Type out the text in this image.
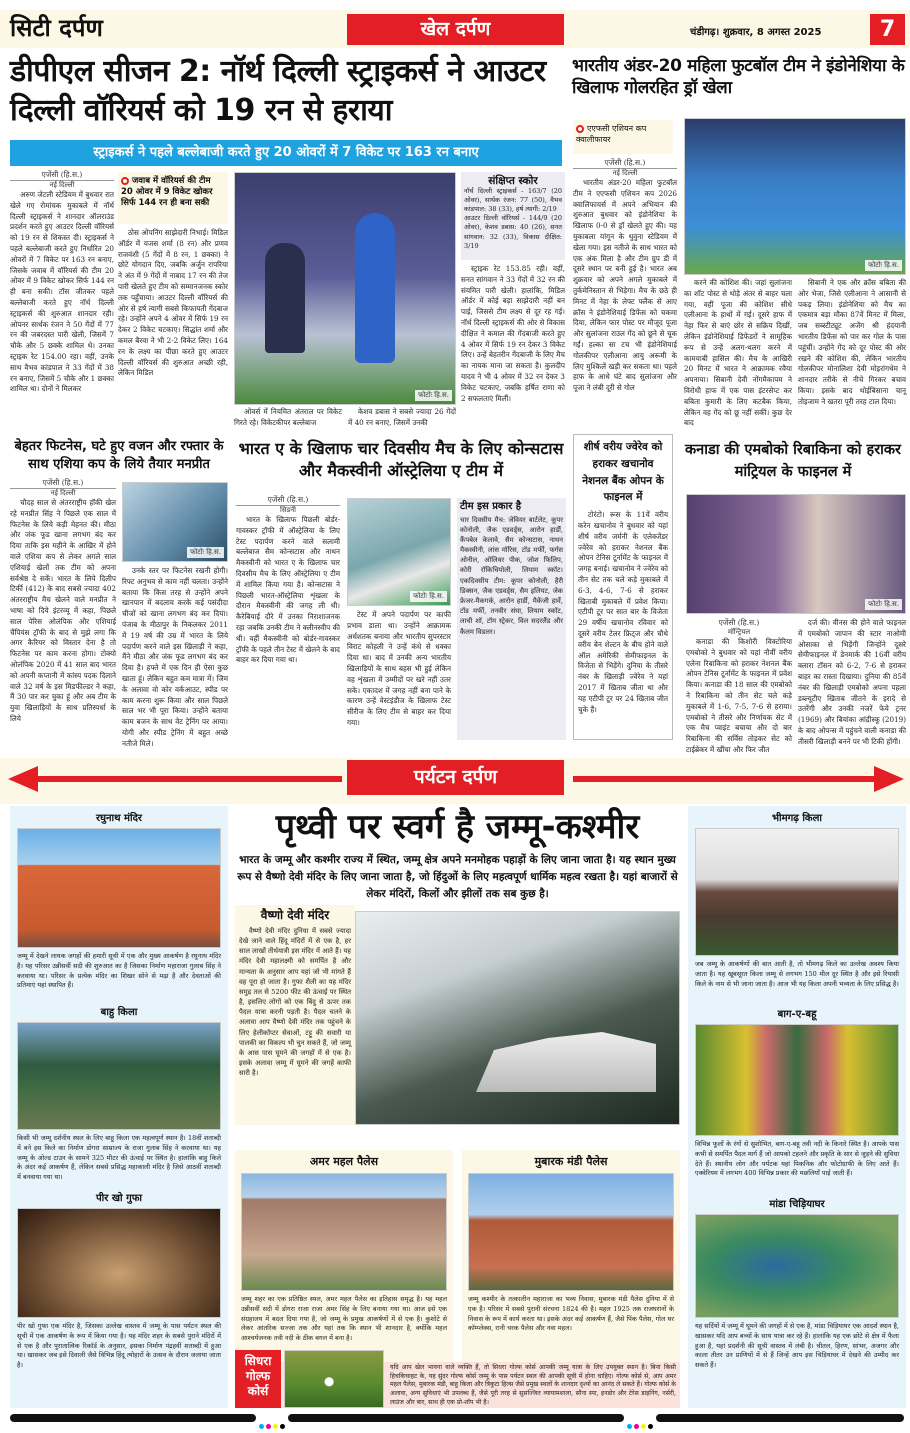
सिटी दर्पण	खेल दर्पण	चंडीगढ़। शुक्रवार, 8 अगस्त 2025	7
डीपीएल सीजन 2: नॉर्थ दिल्ली स्ट्राइकर्स ने आउटर दिल्ली वॉरियर्स को 19 रन से हराया
स्ट्राइकर्स ने पहले बल्लेबाजी करते हुए 20 ओवरों में 7 विकेट पर 163 रन बनाए
एजेंसी (हि.स.)
नई दिल्ली

अरुण जेटली स्टेडियम में बुधवार रात खेले गए रोमांचक मुकाबले में नॉर्थ दिल्ली स्ट्राइकर्स ने शानदार ऑलराउंड प्रदर्शन करते हुए आउटर दिल्ली वॉरियर्स को 19 रन से शिकस्त दी। स्ट्राइकर्स ने पहले बल्लेबाजी करते हुए निर्धारित 20 ओवरों में 7 विकेट पर 163 रन बनाए, जिसके जवाब में वॉरियर्स की टीम 20 ओवर में 9 विकेट खोकर सिर्फ 144 रन ही बना सकी। टॉस जीतकर पहले बल्लेबाजी करते हुए नॉर्थ दिल्ली स्ट्राइकर्स की शुरुआत शानदार रही। ओपनर सार्थक रंजन ने 50 गेंदों में 77 रन की जबरदस्त पारी खेली, जिसमें 7 चौके और 5 छक्के शामिल थे। उनका स्ट्राइक रेट 154.00 रहा। वहीं, उनके साथ वैभव कांडपाल ने 33 गेंदों में 38 रन बनाए, जिसमें 5 चौके और 1 छक्का शामिल था। दोनों ने मिलकर

जवाब में वॉरियर्स की टीम 20 ओवर में 9 विकेट खोकर सिर्फ 144 रन ही बना सकी

ठोस ओपनिंग साझेदारी निभाई। मिडिल ऑर्डर में यजस शर्मा (8 रन) और प्रणव राजवंशी (5 गेंदों में 8 रन, 1 छक्का) ने छोटे योगदान दिए, जबकि अर्जुन रापरिया ने अंत में 9 गेंदों में नाबाद 17 रन की तेज पारी खेलते हुए टीम को सम्मानजनक स्कोर तक पहुँचाया। आउटर दिल्ली वॉरियर्स की ओर से हर्ष त्यागी सबसे किफायती गेंदबाज रहे। उन्होंने अपने 4 ओवर में सिर्फ 19 रन देकर 2 विकेट चटकाए। सिद्धांत शर्मा और कमल बैरवा ने भी 2-2 विकेट लिए। 164 रन के लक्ष्य का पीछा करते हुए आउटर दिल्ली वॉरियर्स की शुरुआत अच्छी रही, लेकिन मिडिल

फोटोः हि.स.

ओवर्स में नियमित अंतराल पर विकेट गिरते रहे। विकेटकीपर बल्लेबाज

केशव डबास ने सबसे ज्यादा 26 गेंदों में 40 रन बनाए, जिसमें उनकी

संक्षिप्त स्कोर
नॉर्थ दिल्ली स्ट्राइकर्स - 163/7 (20 ओवर), सार्थक रंजन: 77 (50), वैभव कांडपाल: 38 (33), हर्ष त्यागी: 2/19
आउटर दिल्ली वॉरियर्स - 144/9 (20 ओवर), केशव डबास: 40 (26), सनत सांगवान: 32 (33), विकास दीक्षित: 3/19

स्ट्राइक रेट 153.85 रही। वहीं, सनत सांगवान ने 33 गेंदों में 32 रन की संयमित पारी खेली। हालांकि, मिडिल ऑर्डर में कोई बड़ा साझेदारी नहीं बन पाई, जिससे टीम लक्ष्य से दूर रह गई। नॉर्थ दिल्ली स्ट्राइकर्स की ओर से विकास दीक्षित ने कमाल की गेंदबाजी करते हुए 4 ओवर में सिर्फ 19 रन देकर 3 विकेट लिए। उन्हें बेहतरीन गेंदबाजी के लिए मैच का नायक माना जा सकता है। कुलदीप यादव ने भी 4 ओवर में 32 रन देकर 3 विकेट चटकाए, जबकि हर्षित राणा को 2 सफलताएं मिलीं।

भारतीय अंडर-20 महिला फुटबॉल टीम ने इंडोनेशिया के खिलाफ गोलरहित ड्रॉ खेला
एएफसी एशियन कप क्वालीफायर
एजेंसी (हि.स.)
नई दिल्ली

भारतीय अंडर-20 महिला फुटबॉल टीम ने एएफसी एशियन कप 2026 क्वालिफायर्स में अपने अभियान की शुरुआत बुधवार को इंडोनेशिया के खिलाफ 0-0 से ड्रॉ खेलते हुए की। यह मुकाबला यांगून के थुवुना स्टेडियम में खेला गया। इस नतीजे के साथ भारत को एक अंक मिला है और टीम ग्रुप डी में दूसरे स्थान पर बनी हुई है। भारत अब शुक्रवार को अपने अगले मुकाबले में तुर्कमेनिस्तान से भिड़ेगा। मैच के छठे ही मिनट में नेहा के लेफ्ट फ्लैंक से आए क्रॉस ने इंडोनेशियाई डिफेंस को चकमा दिया, लेकिन फार पोस्ट पर मौजूद पूजा और सुलांजना राउल गेंद को छूने से चूक गईं। हल्का सा टच भी इंडोनेशियाई गोलकीपर एलीआना आयु अरूमी के लिए मुश्किलें खड़ी कर सकता था। पहले हाफ के आधे घंटे बाद सुलांजना और पूजा ने लंबी दूरी से गोल

फोटोः हि.स.

करने की कोशिश की। जहां सुलांजना का शॉट पोस्ट से थोड़े अंतर से बाहर चला गया, वहीं पूजा की कोशिश सीधे एलीआना के हाथों में गई। दूसरे हाफ में नेहा फिर से बाएं छोर से सक्रिय दिखीं, लेकिन इंडोनेशियाई डिफेंडरों ने सामूहिक रूप से उन्हें अलग-थलग करने में कामयाबी हासिल की। मैच के आखिरी 20 मिनट में भारत ने आक्रामक रवैया अपनाया। सिबानी देवी नोंगमैकापम ने विरोधी हाफ में एक पास इंटरसेप्ट कर बबिता कुमारी के लिए कटबैक किया, लेकिन वह गेंद को छू नहीं सकीं। कुछ देर बाद

सिबानी ने एक और क्रॉस बबिता की ओर भेजा, जिसे एलीआना ने आसानी से पकड़ लिया। इंडोनेशिया को मैच का एकमात्र बड़ा मौका 87वें मिनट में मिला, जब सब्स्टीट्यूट अजेंग श्री हंदयानी भारतीय डिफेंस को पार कर गोल के पास पहुंचीं। उन्होंने गेंद को दूर पोस्ट की ओर रखने की कोशिश की, लेकिन भारतीय गोलकीपर मोनालिशा देवी मोइरांगथेम ने शानदार तरीके से नीचे गिरकर बचाव किया। इसके बाद थोईबिसाना चानू तोइजाम ने खतरा पूरी तरह टाल दिया।

बेहतर फिटनेस, घटे हुए वजन और रफ्तार के साथ एशिया कप के लिये तैयार मनप्रीत
एजेंसी (हि.स.)
नई दिल्ली

चौदह साल से अंतरराष्ट्रीय हॉकी खेल रहे मनप्रीत सिंह ने पिछले एक साल में फिटनेस के लिये कड़ी मेहनत की। मीठा और जंक फूड खाना लगभग बंद कर दिया ताकि इस महीने के आखिर में होने वाले एशिया कप से लेकर अगले साल एशियाई खेलों तक टीम को अपना सर्वश्रेष्ठ दे सकें। भारत के लिये दिलीप टिर्की (412) के बाद सबसे ज्यादा 402 अंतरराष्ट्रीय मैच खेलने वाले मनप्रीत ने भाषा को दिये इंटरव्यू में कहा, पिछले साल पेरिस ओलंपिक और एशियाई चैंपियंस ट्रॉफी के बाद से मुझे लगा कि अगर कैरियर को विस्तार देना है तो फिटनेस पर काम करना होगा। टोक्यो ओलंपिक 2020 में 41 साल बाद भारत को अपनी कप्तानी में कांस्य पदक दिलाने वाले 32 वर्ष के इस मिडफील्डर ने कहा, मैं 30 पार कर चुका हूं और अब टीम के युवा खिलाड़ियों के साथ प्रतिस्पर्धा के लिये

फोटोः हि.स.

उनके स्तर पर फिटनेस रखनी होगी। रिफ्ट अनुभव से काम नहीं चलता। उन्होंने बताया कि किस तरह से उन्होंने अपने खानपान में बदलाव करके कई पसंदीदा चीजों को खाना लगभग बंद कर दिया। पंजाब के मीठापुर के निकलकर 2011 में 19 वर्ष की उम्र में भारत के लिये पदार्पण करने वाले इस खिलाड़ी ने कहा, मैंने मीठा और जंक फूड लगभग बंद कर दिया है। हफ्ते में एक दिन ही ऐसा कुछ खाता हूं। लेकिन बहुत कम मात्रा में। जिम के अलावा वो कोर वर्कआउट, स्पीड पर काम करना शुरू किया और साल पिछले साल भर भी पूरा किया। उन्होंने बताया काम बजन के साथ वेट ट्रेनिंग पर आया। योगी और स्पीड ट्रेनिंग में बहुत अच्छे नतीजे मिले।

भारत ए के खिलाफ चार दिवसीय मैच के लिए कोन्सटास और मैकस्वीनी ऑस्ट्रेलिया ए टीम में
एजेंसी (हि.स.)
सिडनी

भारत के खिलाफ पिछली बोर्डर-गावस्कर ट्रॉफी में ऑस्ट्रेलिया के लिए टेस्ट पदार्पण करने वाले सलामी बल्लेबाज सैम कोन्सटास और नाथन मैकस्वीनी को भारत ए के खिलाफ चार दिवसीय मैच के लिए ऑस्ट्रेलिया ए टीम में शामिल किया गया है। कोन्सटास ने पिछली भारत-ऑस्ट्रेलिया शृंखला के दौरान मैकस्वीनी की जगह ली थी। कैरेबियाई दौरे में उनका निराशाजनक रहा जबकि उनकी टीम ने क्लीनस्वीप की थी। वहीं मैकस्वीनी को बोर्डर-गावस्कर ट्रॉफी के पहले तीन टेस्ट में खेलने के बाद बाहर कर दिया गया था।

फोटोः हि.स.

टेस्ट में अपने पदार्पण पर काफी प्रभाव डाला था। उन्होंने आक्रामक अर्धशतक बनाया और भारतीय सुपरस्टार विराट कोहली ने उन्हें कंधे से धक्का दिया था। बाद में उनकी अन्य भारतीय खिलाड़ियों के साथ बहस भी हुई लेकिन वह शृंखला में उम्मीदों पर खरे नहीं उतर सके। एकादश में जगह नहीं बना पाने के कारण उन्हें वेस्टइंडीज के खिलाफ टेस्ट सीरीज के लिए टीम से बाहर कर दिया गया।

टीम इस प्रकार है
चार दिवसीय मैच: जेवियर बार्टलेट, कूपर कोनोली, जैक एडवर्ड्स, आरोन हार्डी, कैंपबेल केलावे, सैम कोन्सटास, नाथन मैकस्वीनी, लांस मॉरिस, टॉड मर्फी, फर्गस ओनील, ओलिवर पीक, जोश फिलिप, कोरी रॉकिचियोली, लियाम स्कॉट। एकदिवसीय टीम: कूपर कोनोली, हैरी डिक्सन, जैक एडवर्ड्स, सैम इलियट, जेक फ्रेजर-मैकगर्क, आरोन हार्डी, मैकेंजी हार्वे, टॉड मर्फी, तनवीर संघा, लियाम स्कॉट, लाची शॉ, टॉम स्ट्रेकर, विल सदरलैंड और कैलम विडलर।
शीर्ष वरीय ज्वेरेव को हराकर खचानोव नेशनल बैंक ओपन के फाइनल में

टोरंटो। रूस के 11वें वरीय करेन खचानोव ने बुधवार को यहां शीर्ष वरीय जर्मनी के एलेक्जेंडर ज्वेरेव को हराकर नेशनल बैंक ओपन टेनिस टूर्नामेंट के फाइनल में जगह बनाई। खचानोव ने ज्वेरेव को तीन सेट तक चले कड़े मुकाबले में 6-3, 4-6, 7-6 से हराकर खिताबी मुकाबले में प्रवेश किया। एटीपी टूर पर सात बार के विजेता 29 वर्षीय खचानोव रविवार को दूसरे वरीय टेलर फ्रिट्ज और चौथे वरीय बेन शेल्टन के बीच होने वाले ऑल अमेरिकी सेमीफाइनल के विजेता से भिड़ेंगे। दुनिया के तीसरे नंबर के खिलाड़ी ज्वेरेव ने यहां 2017 में खिताब जीता था और यह एटीपी टूर पर 24 खिताब जीत चुके हैं।

कनाडा की एमबोको रिबाकिना को हराकर मांट्रियल के फाइनल में
फोटोः हि.स.
एजेंसी (हि.स.)
मॉन्ट्रियल

कनाडा की किशोरी विक्टोरिया एमबोको ने बुधवार को यहां नौवीं वरीय एलेना रिबाकिना को हराकर नेशनल बैंक ओपन टेनिस टूर्नामेंट के फाइनल में प्रवेश किया। कनाडा की 18 साल की एमबोको ने रिबाकिना को तीन सेट चले कड़े मुकाबले में 1-6, 7-5, 7-6 से हराया। एमबोको ने तीसरे और निर्णायक सेट में एक मैच प्वाइंट बचाया और दो बार रिबाकिना की सर्विस तोड़कर सेट को टाईब्रेकर में खींचा और फिर जीत

दर्ज की। वीनस की होने वाले फाइनल में एमबोको जापान की स्टार नाओमी ओसाका से भिड़ेंगी जिन्होंने दूसरे सेमीफाइनल में डेनमार्क की 16वीं वरीय क्लारा टॉसन को 6-2, 7-6 से हराकर बाहर का रास्ता दिखाया। दुनिया की 85वें नंबर की खिलाड़ी एमबोको अपना पहला डब्ल्यूटीए खिताब जीतने के इरादे से उतरेंगी और उनकी नजरें फेये ट्रनर (1969) और बियांका आंद्रीस्कू (2019) के बाद ओपन्स में पहुंचने वाली कनाडा की तीसरी खिलाड़ी बनने पर भी टिकी होंगी।

पर्यटन दर्पण
रघुनाथ मंदिर
जम्मू में देखने लायक जगहों की हमारी सूची में एक और मुख्य आकर्षण है रघुनाथ मंदिर है। यह परिसर उन्नीसवीं सदी की शुरुआत का है जिसका निर्माण महाराजा गुलाब सिंह ने करवाया था। परिसर के प्रत्येक मंदिर का शिखर सोने से मढ़ा है और देवताओं की प्रतिमाएं यहां स्थापित हैं।
बाहु किला
किसी भी जम्मू दर्शनीय स्थल के लिए बाहु किला एक महत्वपूर्ण स्थान है। 18वीं शताब्दी में बने इस किले का निर्माण डोगरा साम्राज्य के राजा गुलाब सिंह ने करवाया था। यह जम्मू के ओल्ड टाउन के सामने 325 मीटर की ऊंचाई पर स्थित है। हालांकि बाहु किले के अंदर कई आकर्षण हैं, लेकिन सबसे प्रसिद्ध महाकाली मंदिर है जिसे आठवीं शताब्दी में बनवाया गया था।
पीर खो गुफा
पीर खो गुफा एक मंदिर है, जिसका उल्लेख वास्तव में जम्मू के पास पर्यटन स्थल की सूची में एक आकर्षण के रूप में किया गया है। यह मंदिर शहर के सबसे पुराने मंदिरों में से एक है और पुरातात्विक रिकॉर्ड के अनुसार, इसका निर्माण पंद्रहवीं शताब्दी में हुआ था। खासकर जब इसे दिवाली जैसे विभिन्न हिंदू त्योहारों के उत्सव के दौरान जलाया जाता है।
पृथ्वी पर स्वर्ग है जम्मू-कश्मीर
भारत के जम्मू और कश्मीर राज्य में स्थित, जम्मू क्षेत्र अपने मनमोहक पहाड़ों के लिए जाना जाता है। यह स्थान मुख्य रूप से वैष्णो देवी मंदिर के लिए जाना जाता है, जो हिंदुओं के लिए महत्वपूर्ण धार्मिक महत्व रखता है। यहां बाजारों से लेकर मंदिरों, किलों और झीलों तक सब कुछ है।
वैष्णो देवी मंदिर

वैष्णो देवी मंदिर दुनिया में सबसे ज्यादा देखे जाने वाले हिंदू मंदिरों में से एक है, हर साल लाखों तीर्थयात्री इस मंदिर में आते हैं। यह मंदिर देवी महालक्ष्मी को समर्पित है और मान्यता के अनुसार आप यहां जो भी मांगते हैं वह पूरा हो जाता है। गुफा शैली का यह मंदिर समुद्र तल से 5200 फीट की ऊंचाई पर स्थित है, इसलिए लोगों को एक बिंदु से ऊपर तक पैदल यात्रा करनी पड़ती है। पैदल चलने के अलावा आप वैष्णो देवी मंदिर तक पहुंचने के लिए हेलीकॉप्टर सेवाओं, टट्टू की सवारी या पालकी का विकल्प भी चुन सकते हैं, जो जम्मू के आस पास घूमने की जगहों में से एक है। इसके अलावा जम्मू में घूमने की जगहें काफी सारी है।

अमर महल पैलेस
जम्मू शहर का एक प्रतिष्ठित स्थल, अमर महल पैलेस का इतिहास समृद्ध है। यह महल उन्नीसवीं सदी में डोगरा राजा राजा अमर सिंह के लिए बनाया गया था। आज इसे एक संग्रहालय में बदल दिया गया है, जो जम्मू के प्रमुख आकर्षणों में से एक है। कुशोटे से लेकर आंतरिक सज्जा तक और यहां तक कि स्थान भी शानदार है, क्योंकि महल आश्चर्यजनक तवी नदी के ठीक बगल में बना है।
मुबारक मंडी पैलेस
जम्मू कश्मीर के तत्कालीन महाराजा का भव्य निवास, मुबारक मंडी पैलेस दुनिया में से एक है। परिसर में सबसे पुरानी संरचना 1824 की है। महल 1925 तक राजघरानों के निवास के रूप में कार्य करता था। इसके अंदर कई आकर्षण हैं, जैसे पिंक पैलेस, गोल घर कॉम्प्लेक्स, रानी चरक पैलेस और नवा महल।
सिधरा गोल्फ कोर्स
यदि आप खेल भावना वाले व्यक्ति हैं, तो सिधरा गोल्फ कोर्स आपकी जम्मू यात्रा के लिए उपयुक्त स्थान है। बिना किसी हिचकिचाहट के, यह सुंदर गोल्फ कोर्स जम्मू के पास पर्यटन स्थल की आपकी सूची में होना चाहिए। गोल्फ कोर्स से, आप अमर महल पैलेस, मुबारक मंडी, बाहु किला और त्रिकुटा हिल्स जैसे प्रमुख स्थलों के शानदार दृश्यों का आनंद ले सकते हैं। गोल्फ कोर्स के अलावा, अन्य सुविधाएं भी उपलब्ध हैं, जैसे पूरी तरह से सुसज्जित व्यायामशाला, सौना स्पा, इनडोर और टेरेस डाइनिंग, नर्सरी, लाउंज और बार, साथ ही एक प्रो-शॉप भी है।
भीमगढ़ किला
जब जम्मू के आकर्षणों की बात आती है, तो भीमगढ़ किले का उल्लेख अवश्य किया जाता है। यह खूबसूरत किला जम्मू से लगभग 150 मील दूर स्थित है और इसे रियासी किले के नाम से भी जाना जाता है। आज भी यह किला अपनी भव्यता के लिए प्रसिद्ध है।
बाग-ए-बहू
विभिन्न फूलों के रंगों से सुशोभित, बाग-ए-बहू तवी नदी के किनारे स्थित है। आपके पास कभी से समर्पित पैदल मार्ग हैं जो आपको टहलने और प्रकृति के सार से जुड़ने की सुविधा देते हैं। स्थानीय लोग और पर्यटक यहां पिकनिक और फोटोग्राफी के लिए आते हैं। एक्वेरियम में लगभग 400 विभिन्न प्रकार की मछलियाँ पाई जाती हैं।
मांडा चिड़ियाघर
यह सर्दियों में जम्मू में घूमने की जगहों में से एक है, मांडा चिड़ियाघर एक आदर्श स्थान है, खासकर यदि आप बच्चों के साथ यात्रा कर रहे हैं। हालांकि यह एक छोटे से क्षेत्र में फैला हुआ है, यहां प्रदर्शनी की सूची वास्तव में लंबी है। चीतल, हिरण, सांभर, अजगर और काला तीतर उन प्राणियों में से हैं जिन्हें आप इस चिड़ियाघर में देखने की उम्मीद कर सकते हैं।
